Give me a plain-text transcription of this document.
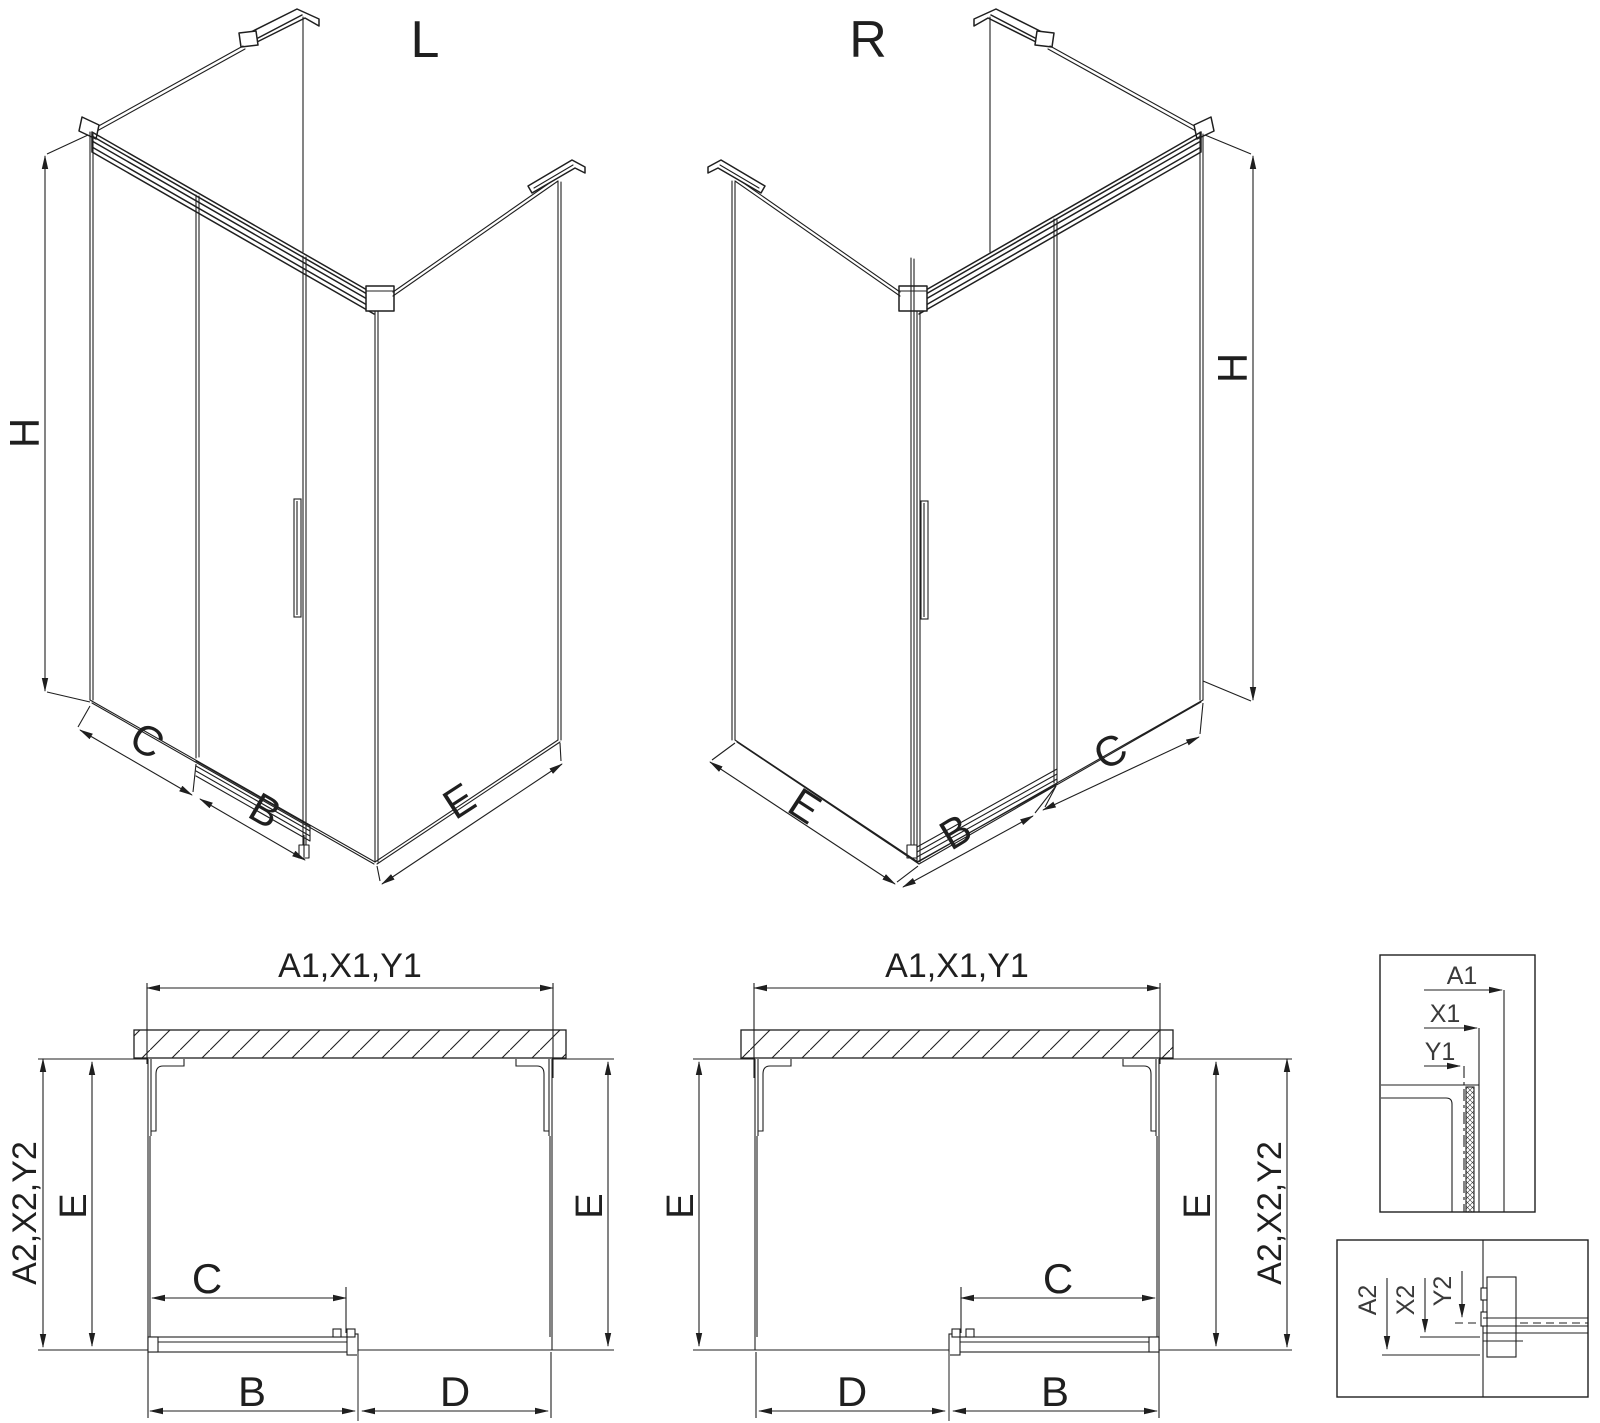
L
H
C
B	E
R
H
E B
C
A1,X1,Y1
E	E
A2,X2,Y2	C
B	D
A1,X1,Y1
E	E A2,X2,Y2
C
B
D
A1
X1
Y1
A2 X2 Y2
